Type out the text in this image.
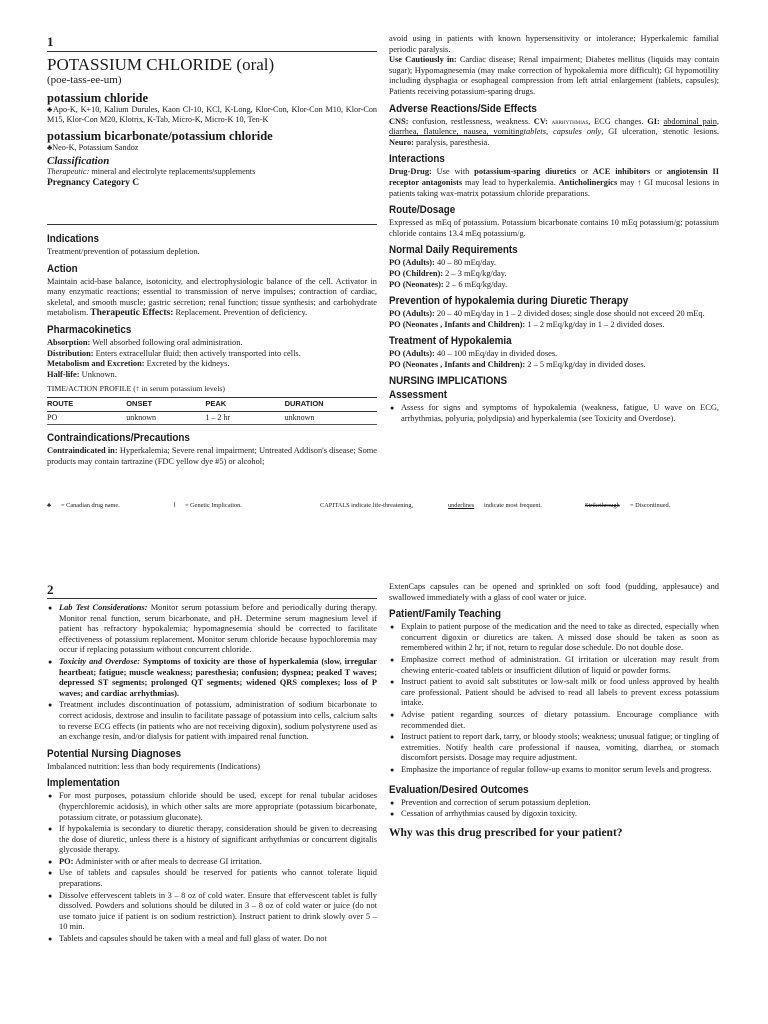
1

POTASSIUM CHLORIDE (oral)

(poe-tass-ee-um)

potassium chloride

♣Apo-K, K+10, Kalium Durules, Kaon Cl-10, KCl, K-Long, Klor-Con, Klor-Con M10, Klor-Con M15, Klor-Con M20, Klotrix, K-Tab, Micro-K, Micro-K 10, Ten-K

potassium bicarbonate/potassium chloride

♣Neo-K, Potassium Sandoz

Classification

Therapeutic: mineral and electrolyte replacements/supplements

Pregnancy Category C

Indications

Treatment/prevention of potassium depletion.

Action

Maintain acid-base balance, isotonicity, and electrophysiologic balance of the cell. Activator in many enzymatic reactions; essential to transmission of nerve impulses; contraction of cardiac, skeletal, and smooth muscle; gastric secretion; renal function; tissue synthesis; and carbohydrate metabolism. Therapeutic Effects: Replacement. Prevention of deficiency.

Pharmacokinetics

Absorption: Well absorbed following oral administration.

Distribution: Enters extracellular fluid; then actively transported into cells.

Metabolism and Excretion: Excreted by the kidneys.

Half-life: Unknown.

TIME/ACTION PROFILE (↑ in serum potassium levels)

ROUTE	ONSET	PEAK	DURATION
PO	unknown	1 – 2 hr	unknown
Contraindications/Precautions

Contraindicated in: Hyperkalemia; Severe renal impairment; Untreated Addison's disease; Some products may contain tartrazine (FDC yellow dye #5) or alcohol;

avoid using in patients with known hypersensitivity or intolerance; Hyperkalemic familial periodic paralysis.

Use Cautiously in: Cardiac disease; Renal impairment; Diabetes mellitus (liquids may contain sugar); Hypomagnesemia (may make correction of hypokalemia more difficult); GI hypomotility including dysphagia or esophageal compression from left atrial enlargement (tablets, capsules); Patients receiving potassium-sparing drugs.

Adverse Reactions/Side Effects

CNS: confusion, restlessness, weakness. CV: arrhythmias, ECG changes. GI: abdominal pain, diarrhea, flatulence, nausea, vomitingtablets, capsules only, GI ulceration, stenotic lesions. Neuro: paralysis, paresthesia.

Interactions

Drug-Drug: Use with potassium-sparing diuretics or ACE inhibitors or angiotensin II receptor antagonists may lead to hyperkalemia. Anticholinergics may ↑ GI mucosal lesions in patients taking wax-matrix potassium chloride preparations.

Route/Dosage

Expressed as mEq of potassium. Potassium bicarbonate contains 10 mEq potassium/g; potassium chloride contains 13.4 mEq potassium/g.

Normal Daily Requirements

PO (Adults): 40 – 80 mEq/day.

PO (Children): 2 – 3 mEq/kg/day.

PO (Neonates): 2 – 6 mEq/kg/day.

Prevention of hypokalemia during Diuretic Therapy

PO (Adults): 20 – 40 mEq/day in 1 – 2 divided doses; single dose should not exceed 20 mEq.

PO (Neonates , Infants and Children): 1 – 2 mEq/kg/day in 1 – 2 divided doses.

Treatment of Hypokalemia

PO (Adults): 40 – 100 mEq/day in divided doses.

PO (Neonates , Infants and Children): 2 – 5 mEq/kg/day in divided doses.

NURSING IMPLICATIONS
Assessment
● Assess for signs and symptoms of hypokalemia (weakness, fatigue, U wave on ECG, arrhythmias, polyuria, polydipsia) and hyperkalemia (see Toxicity and Overdose).
♣ = Canadian drug name.	⌇ = Genetic Implication.	CAPITALS indicate life-threatening,	underlines indicate most frequent.	Strikethrough = Discontinued.
2
● Lab Test Considerations: Monitor serum potassium before and periodically during therapy. Monitor renal function, serum bicarbonate, and pH. Determine serum magnesium level if patient has refractory hypokalemia; hypomagnesemia should be corrected to facilitate effectiveness of potassium replacement. Monitor serum chloride because hypochloremia may occur if replacing potassium without concurrent chloride.
● Toxicity and Overdose: Symptoms of toxicity are those of hyperkalemia (slow, irregular heartbeat; fatigue; muscle weakness; paresthesia; confusion; dyspnea; peaked T waves; depressed ST segments; prolonged QT segments; widened QRS complexes; loss of P waves; and cardiac arrhythmias).
● Treatment includes discontinuation of potassium, administration of sodium bicarbonate to correct acidosis, dextrose and insulin to facilitate passage of potassium into cells, calcium salts to reverse ECG effects (in patients who are not receiving digoxin), sodium polystyrene used as an exchange resin, and/or dialysis for patient with impaired renal function.
Potential Nursing Diagnoses

Imbalanced nutrition: less than body requirements (Indications)

Implementation
● For most purposes, potassium chloride should be used, except for renal tubular acidoses (hyperchloremic acidosis), in which other salts are more appropriate (potassium bicarbonate, potassium citrate, or potassium gluconate).
● If hypokalemia is secondary to diuretic therapy, consideration should be given to decreasing the dose of diuretic, unless there is a history of significant arrhythmias or concurrent digitalis glycoside therapy.
● PO: Administer with or after meals to decrease GI irritation.
● Use of tablets and capsules should be reserved for patients who cannot tolerate liquid preparations.
● Dissolve effervescent tablets in 3 – 8 oz of cold water. Ensure that effervescent tablet is fully dissolved. Powders and solutions should be diluted in 3 – 8 oz of cold water or juice (do not use tomato juice if patient is on sodium restriction). Instruct patient to drink slowly over 5 – 10 min.
● Tablets and capsules should be taken with a meal and full glass of water. Do not

ExtenCaps capsules can be opened and sprinkled on soft food (pudding, applesauce) and swallowed immediately with a glass of cool water or juice.

Patient/Family Teaching
● Explain to patient purpose of the medication and the need to take as directed, especially when concurrent digoxin or diuretics are taken. A missed dose should be taken as soon as remembered within 2 hr; if not, return to regular dose schedule. Do not double dose.
● Emphasize correct method of administration. GI irritation or ulceration may result from chewing enteric-coated tablets or insufficient dilution of liquid or powder forms.
● Instruct patient to avoid salt substitutes or low-salt milk or food unless approved by health care professional. Patient should be advised to read all labels to prevent excess potassium intake.
● Advise patient regarding sources of dietary potassium. Encourage compliance with recommended diet.
● Instruct patient to report dark, tarry, or bloody stools; weakness; unusual fatigue; or tingling of extremities. Notify health care professional if nausea, vomiting, diarrhea, or stomach discomfort persists. Dosage may require adjustment.
● Emphasize the importance of regular follow-up exams to monitor serum levels and progress.
Evaluation/Desired Outcomes
● Prevention and correction of serum potassium depletion.
● Cessation of arrhythmias caused by digoxin toxicity.

Why was this drug prescribed for your patient?
